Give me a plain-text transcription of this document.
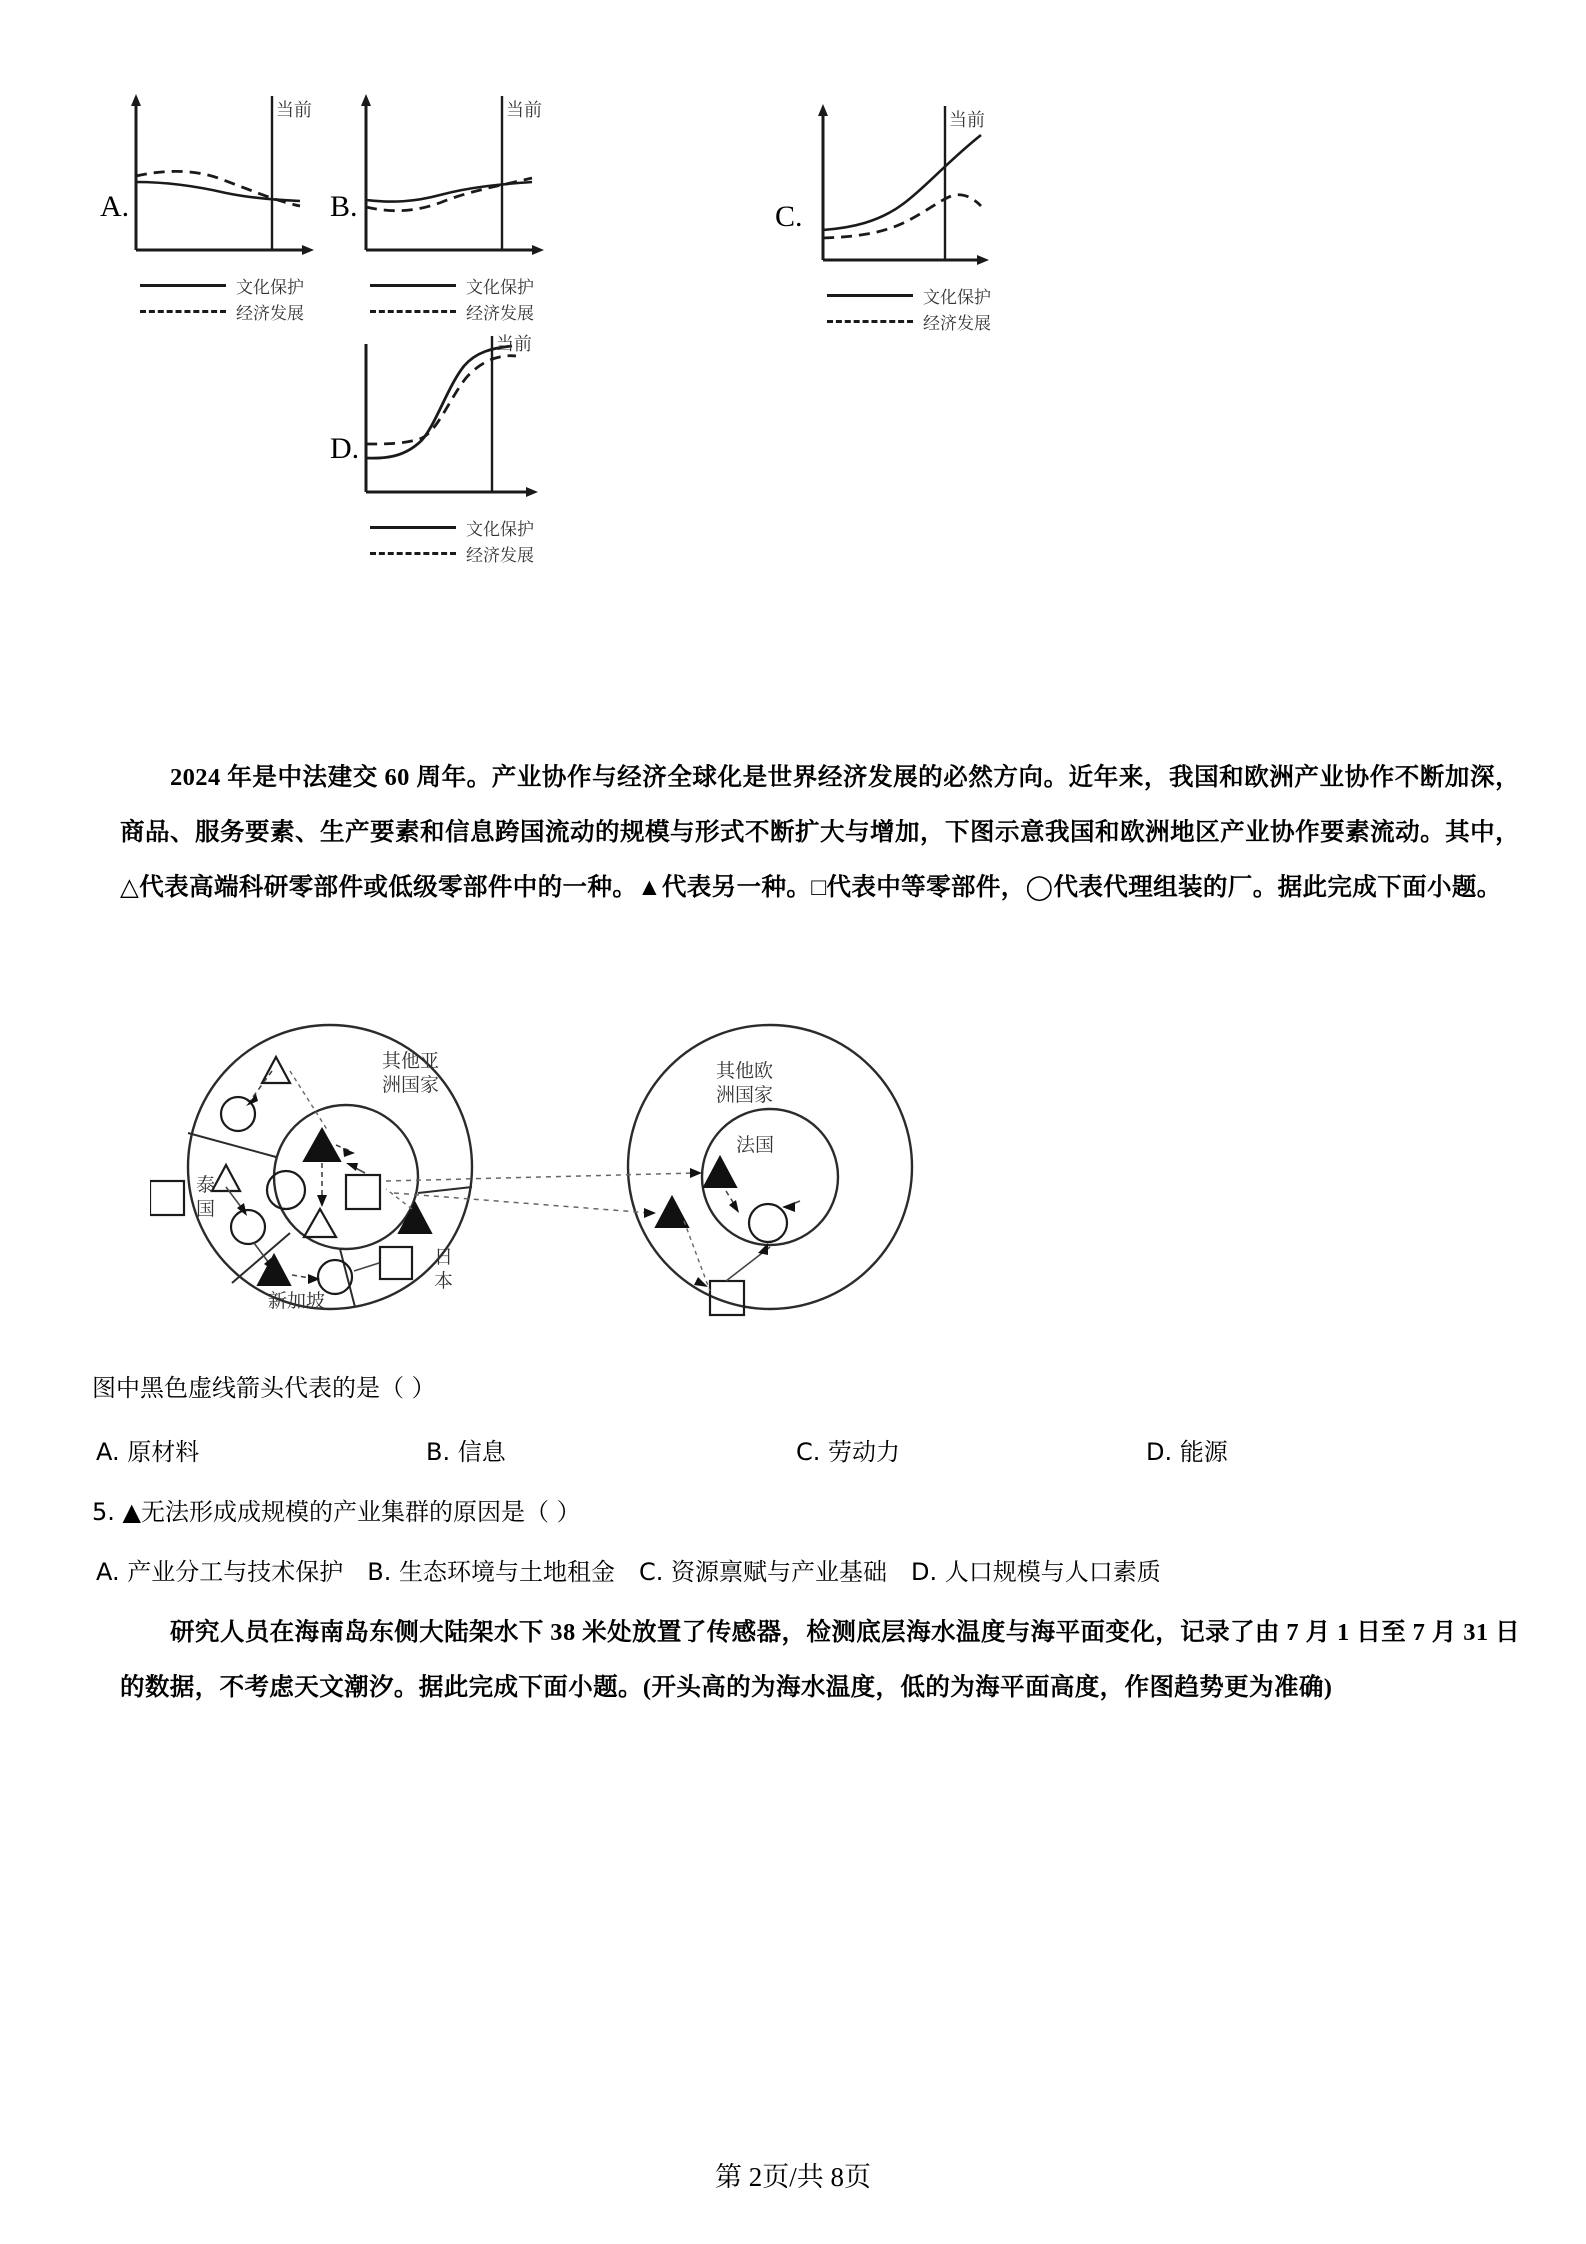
A.
当前
文化保护
经济发展
B.
当前
文化保护
经济发展
C.
当前
文化保护
经济发展
D.
当前
文化保护
经济发展
2024 年是中法建交 60 周年。产业协作与经济全球化是世界经济发展的必然方向。近年来，我国和欧洲产业协作不断加深，商品、服务要素、生产要素和信息跨国流动的规模与形式不断扩大与增加，下图示意我国和欧洲地区产业协作要素流动。其中，△代表高端科研零部件或低级零部件中的一种。▲代表另一种。□代表中等零部件，◯代表代理组装的厂。据此完成下面小题。
其他亚
洲国家
泰
国
日
本
新加坡
其他欧
洲国家
法国
图中黑色虚线箭头代表的是（ ）
A. 原材料	B. 信息	C. 劳动力	D. 能源
5. ▲无法形成成规模的产业集群的原因是（ ）
A. 产业分工与技术保护 B. 生态环境与土地租金 C. 资源禀赋与产业基础 D. 人口规模与人口素质
研究人员在海南岛东侧大陆架水下 38 米处放置了传感器，检测底层海水温度与海平面变化，记录了由 7 月 1 日至 7 月 31 日的数据，不考虑天文潮汐。据此完成下面小题。(开头高的为海水温度，低的为海平面高度，作图趋势更为准确)
第 2页/共 8页
